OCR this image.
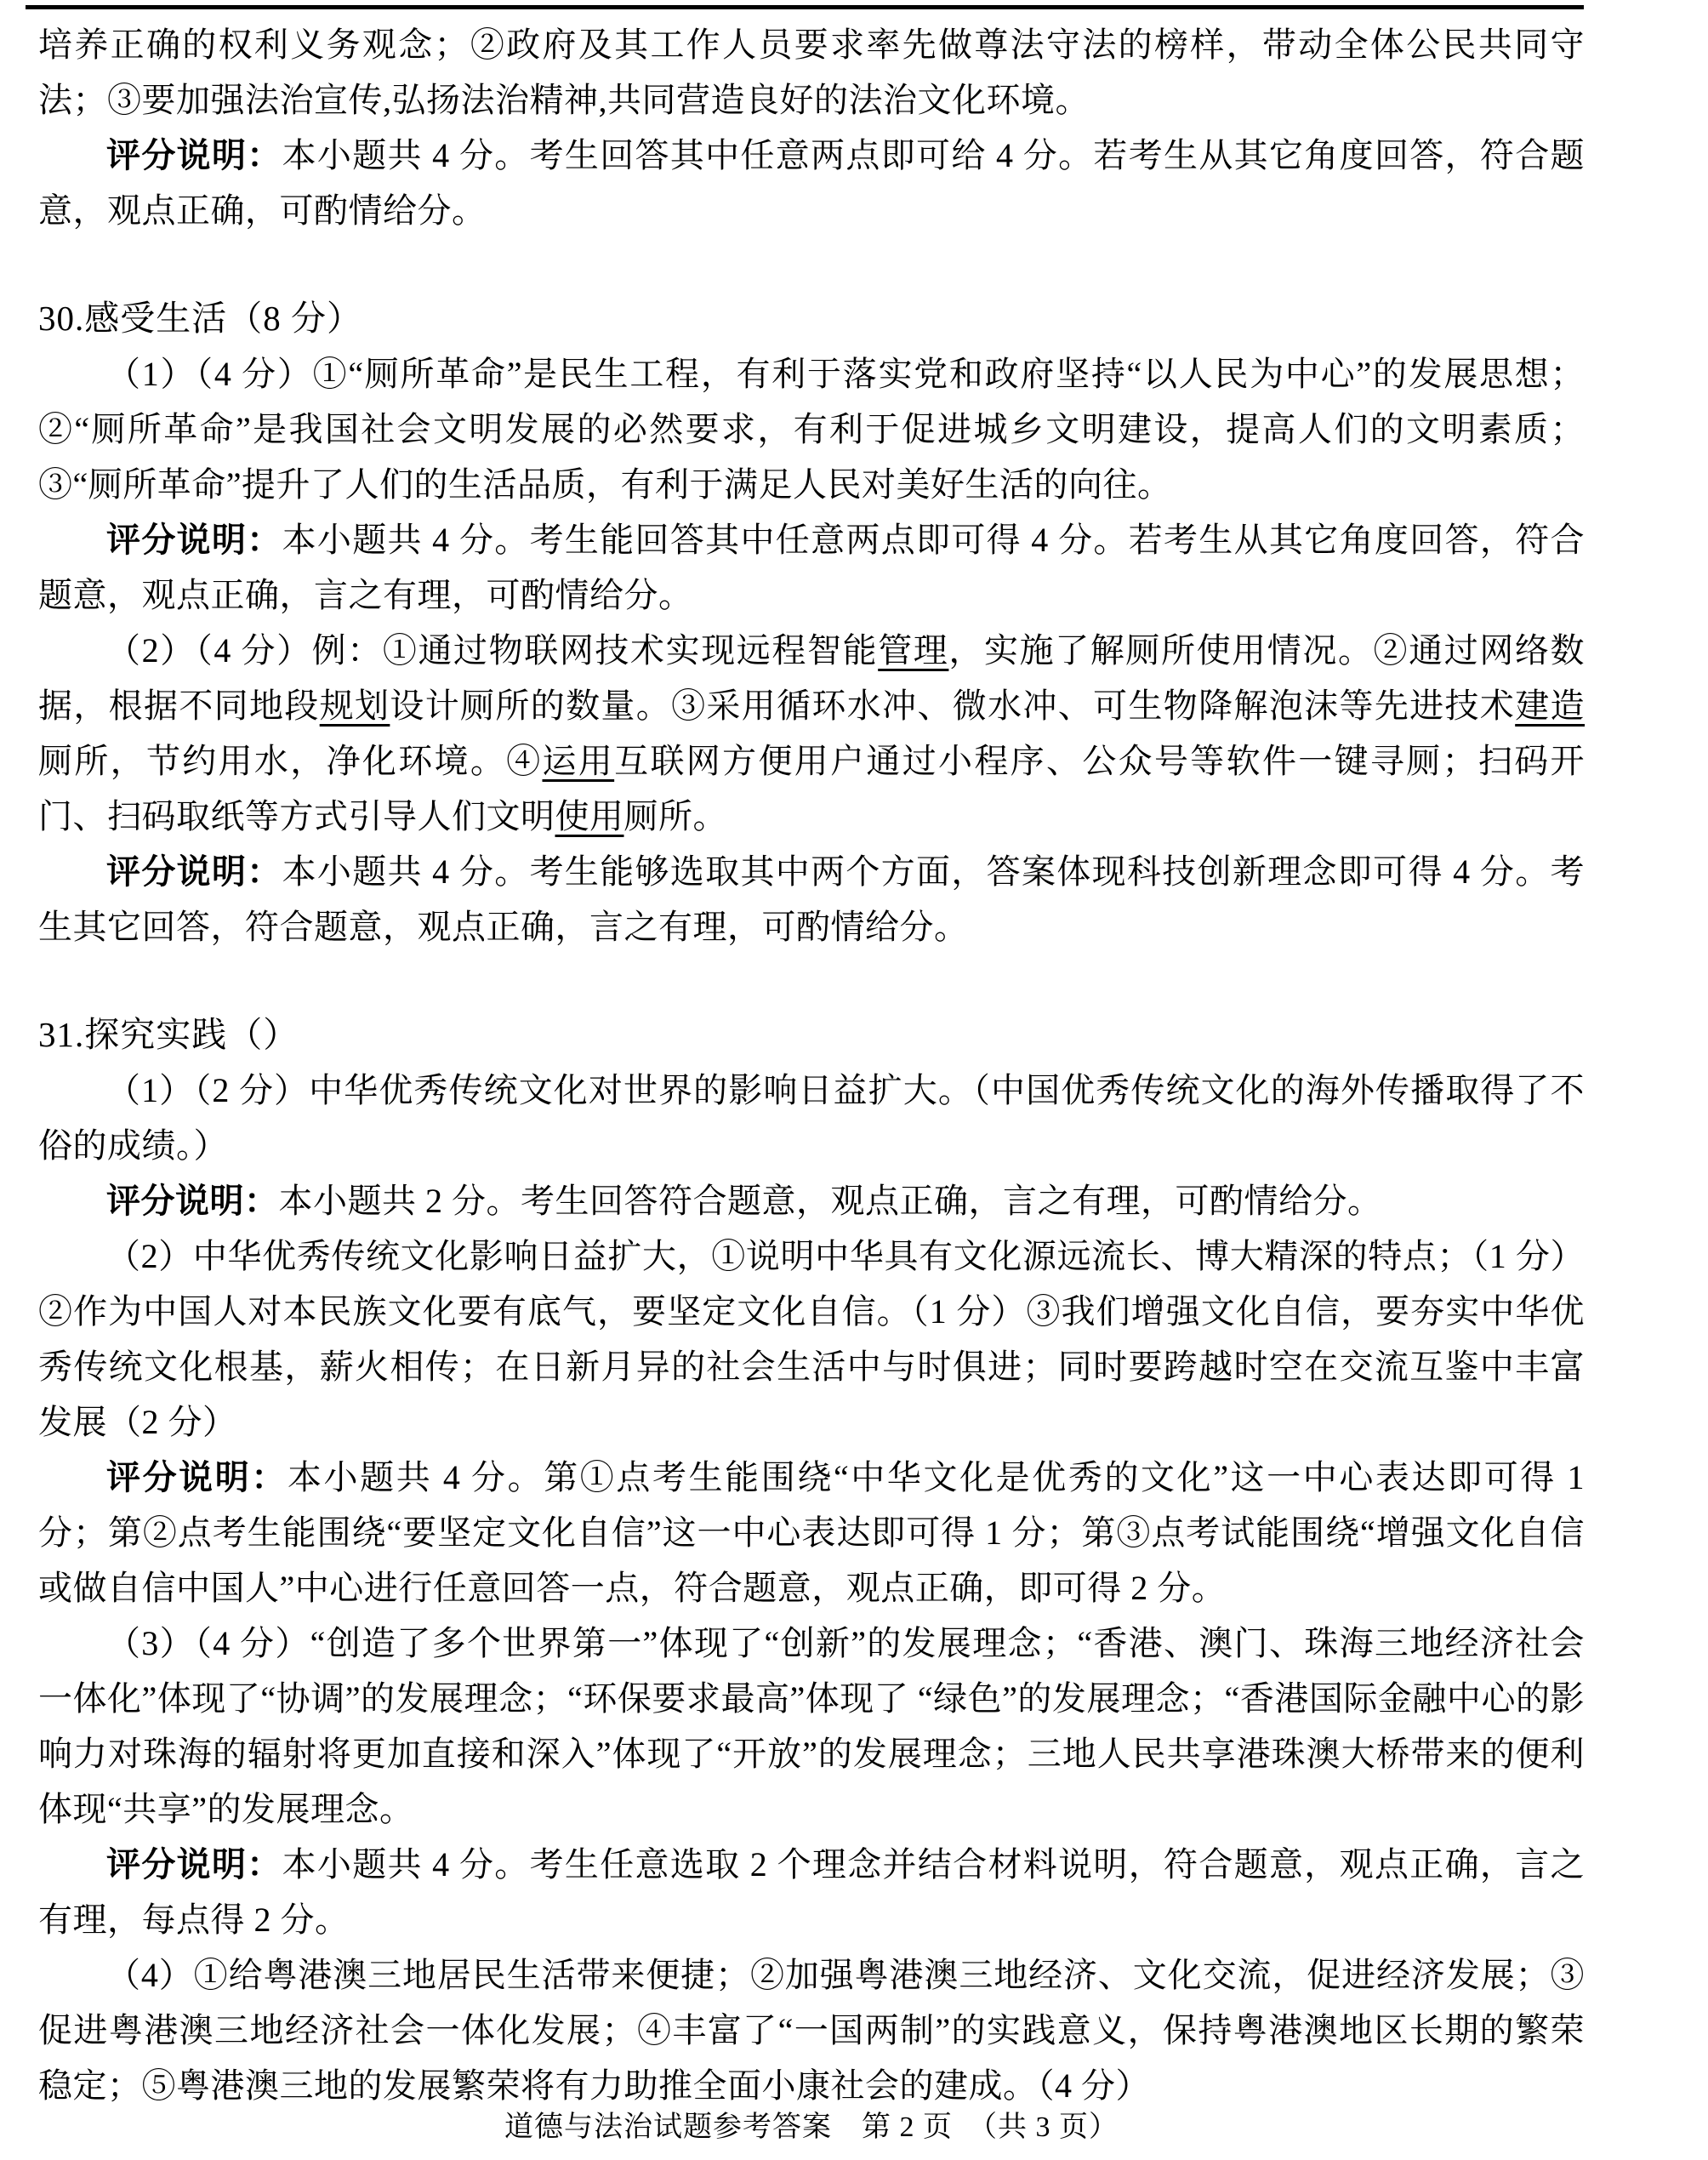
培养正确的权利义务观念；②政府及其工作人员要求率先做尊法守法的榜样，带动全体公民共同守法；③要加强法治宣传,弘扬法治精神,共同营造良好的法治文化环境。

评分说明：本小题共 4 分。考生回答其中任意两点即可给 4 分。若考生从其它角度回答，符合题意，观点正确，可酌情给分。

30.感受生活（8 分）

（1）（4 分）①“厕所革命”是民生工程，有利于落实党和政府坚持“以人民为中心”的发展思想；②“厕所革命”是我国社会文明发展的必然要求，有利于促进城乡文明建设，提高人们的文明素质；③“厕所革命”提升了人们的生活品质，有利于满足人民对美好生活的向往。

评分说明：本小题共 4 分。考生能回答其中任意两点即可得 4 分。若考生从其它角度回答，符合题意，观点正确，言之有理，可酌情给分。

（2）（4 分）例：①通过物联网技术实现远程智能管理，实施了解厕所使用情况。②通过网络数据，根据不同地段规划设计厕所的数量。③采用循环水冲、微水冲、可生物降解泡沫等先进技术建造厕所，节约用水，净化环境。④运用互联网方便用户通过小程序、公众号等软件一键寻厕；扫码开门、扫码取纸等方式引导人们文明使用厕所。

评分说明：本小题共 4 分。考生能够选取其中两个方面，答案体现科技创新理念即可得 4 分。考生其它回答，符合题意，观点正确，言之有理，可酌情给分。

31.探究实践（）

（1）（2 分）中华优秀传统文化对世界的影响日益扩大。（中国优秀传统文化的海外传播取得了不俗的成绩。）

评分说明：本小题共 2 分。考生回答符合题意，观点正确，言之有理，可酌情给分。

（2）中华优秀传统文化影响日益扩大，①说明中华具有文化源远流长、博大精深的特点；（1 分）②作为中国人对本民族文化要有底气，要坚定文化自信。（1 分）③我们增强文化自信，要夯实中华优秀传统文化根基，薪火相传；在日新月异的社会生活中与时俱进；同时要跨越时空在交流互鉴中丰富发展（2 分）

评分说明：本小题共 4 分。第①点考生能围绕“中华文化是优秀的文化”这一中心表达即可得 1 分；第②点考生能围绕“要坚定文化自信”这一中心表达即可得 1 分；第③点考试能围绕“增强文化自信或做自信中国人”中心进行任意回答一点，符合题意，观点正确，即可得 2 分。

（3）（4 分）“创造了多个世界第一”体现了“创新”的发展理念；“香港、澳门、珠海三地经济社会一体化”体现了“协调”的发展理念；“环保要求最高”体现了 “绿色”的发展理念；“香港国际金融中心的影响力对珠海的辐射将更加直接和深入”体现了“开放”的发展理念；三地人民共享港珠澳大桥带来的便利体现“共享”的发展理念。

评分说明：本小题共 4 分。考生任意选取 2 个理念并结合材料说明，符合题意，观点正确，言之有理，每点得 2 分。

（4）①给粤港澳三地居民生活带来便捷；②加强粤港澳三地经济、文化交流，促进经济发展；③促进粤港澳三地经济社会一体化发展；④丰富了“一国两制”的实践意义，保持粤港澳地区长期的繁荣稳定；⑤粤港澳三地的发展繁荣将有力助推全面小康社会的建成。（4 分）

道德与法治试题参考答案　第 2 页　（共 3 页）
